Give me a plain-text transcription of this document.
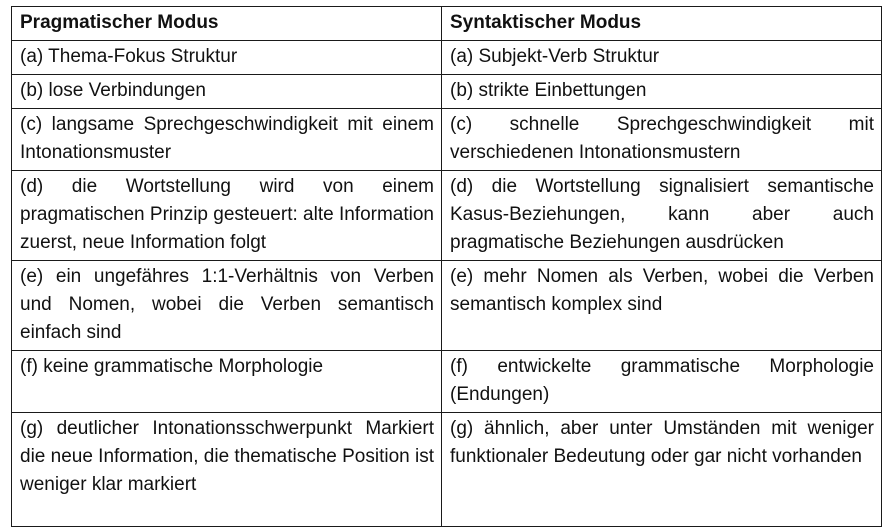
Pragmatischer Modus	Syntaktischer Modus
(a) Thema-Fokus Struktur	(a) Subjekt-Verb Struktur
(b) lose Verbindungen	(b) strikte Einbettungen
(c) langsame Sprechgeschwindigkeit mit einem Intonationsmuster	(c) schnelle Sprechgeschwindigkeit mit verschiedenen Intonationsmustern
(d) die Wortstellung wird von einem pragmatischen Prinzip gesteuert: alte Information zuerst, neue Information folgt	(d) die Wortstellung signalisiert semantische Kasus-Beziehungen, kann aber auch pragmatische Beziehungen ausdrücken
(e) ein ungefähres 1:1-Verhältnis von Verben und Nomen, wobei die Verben semantisch einfach sind	(e) mehr Nomen als Verben, wobei die Verben semantisch komplex sind
(f) keine grammatische Morphologie	(f) entwickelte grammatische Morphologie (Endungen)
(g) deutlicher Intonationsschwerpunkt Markiert die neue Information, die thematische Position ist weniger klar markiert	(g) ähnlich, aber unter Umständen mit weniger funktionaler Bedeutung oder gar nicht vorhanden
